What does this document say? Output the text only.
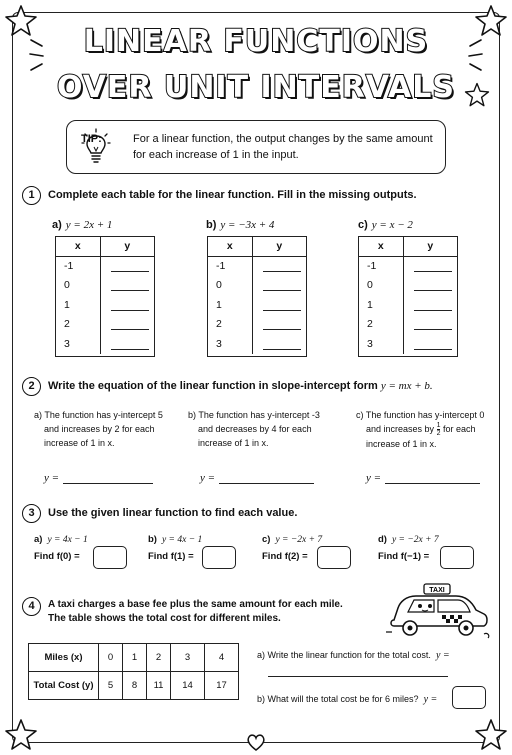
LINEAR FUNCTIONS
OVER UNIT INTERVALS
TIP:	For a linear function, the output changes by the same amount for each increase of 1 in the input.
1	Complete each table for the linear function. Fill in the missing outputs.
a) y = 2x + 1	b) y = −3x + 4	c) y = x − 2
x	y
-1	
0	
1	
2	
3	
x	y
-1	
0	
1	
2	
3	
x	y
-1	
0	
1	
2	
3	
2	Write the equation of the linear function in slope-intercept form y = mx + b.
a) The function has y-intercept 5
and increases by 2 for each
increase of 1 in x.
b) The function has y-intercept -3
and decreases by 4 for each
increase of 1 in x.
c) The function has y-intercept 0
and increases by $\frac{1}{2}$ for each
increase of 1 in x.
y =	y =	y =
3	Use the given linear function to find each value.
a) y = 4x − 1	b) y = 4x − 1	c) y = −2x + 7	d) y = −2x + 7
Find f(0) =	Find f(1) =	Find f(2) =	Find f(−1) =
4	A taxi charges a base fee plus the same amount for each mile.
The table shows the total cost for different miles.
TAXI
Miles (x)	0	1	2	3	4
Total Cost (y)	5	8	11	14	17
a) Write the linear function for the total cost. y =
b) What will the total cost be for 6 miles? y =
